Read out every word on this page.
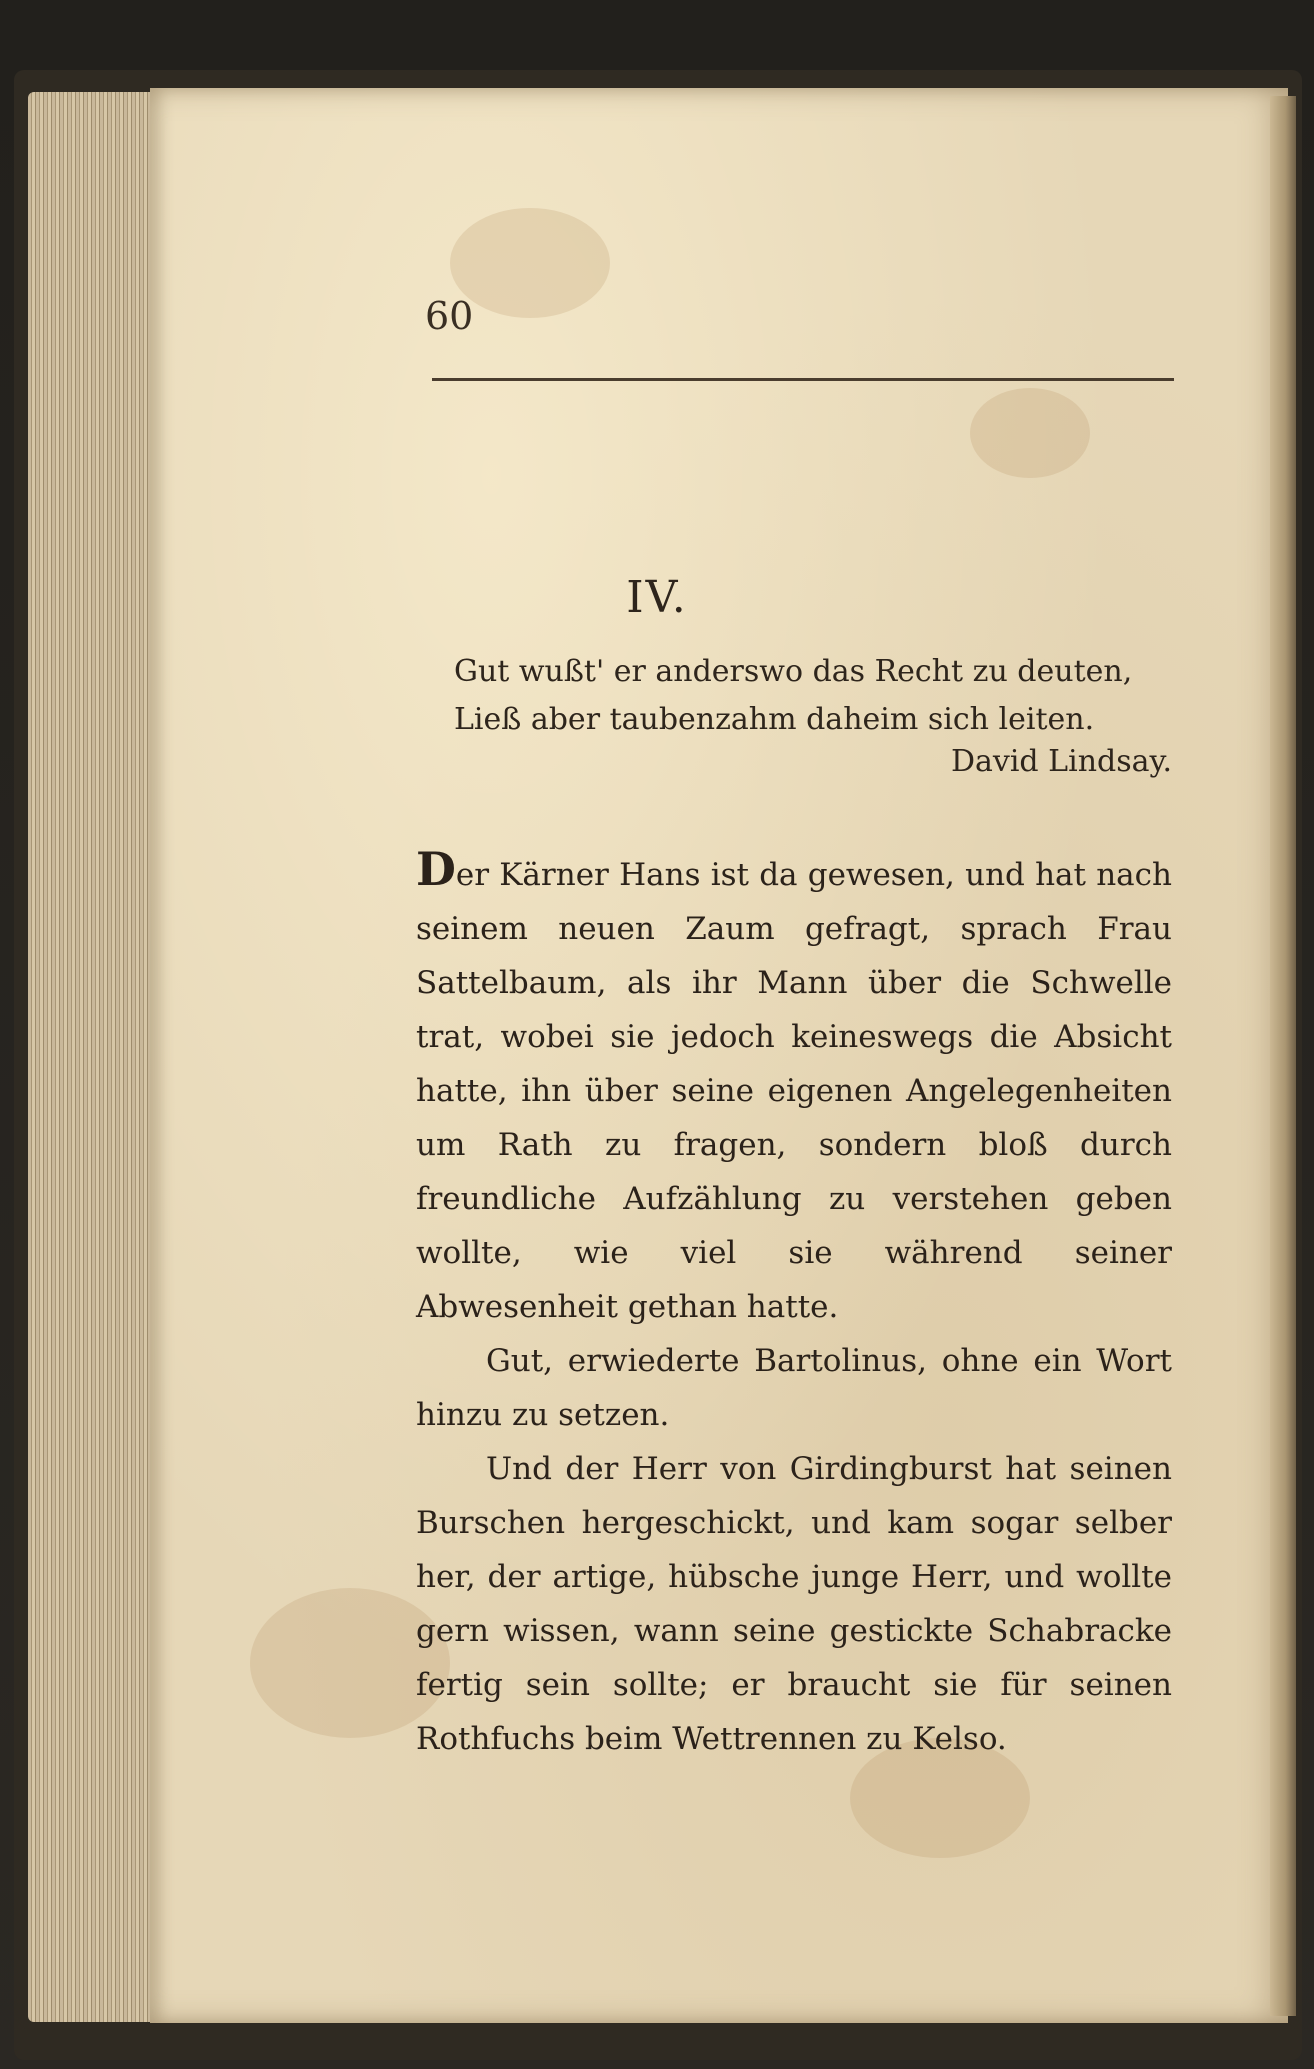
60
IV.
Gut wußt' er anderswo das Recht zu deuten,
Ließ aber taubenzahm daheim sich leiten.
David Lindsay.

Der Kärner Hans ist da gewesen, und hat nach seinem neuen Zaum gefragt, sprach Frau Sattelbaum, als ihr Mann über die Schwelle trat, wobei sie jedoch keineswegs die Absicht hatte, ihn über seine eigenen Angelegenheiten um Rath zu fragen, sondern bloß durch freundliche Aufzählung zu verstehen geben wollte, wie viel sie während seiner Abwesenheit gethan hatte.

Gut, erwiederte Bartolinus, ohne ein Wort hinzu zu setzen.

Und der Herr von Girdingburst hat seinen Burschen hergeschickt, und kam sogar selber her, der artige, hübsche junge Herr, und wollte gern wissen, wann seine gestickte Schabracke fertig sein sollte; er braucht sie für seinen Rothfuchs beim Wettrennen zu Kelso.
